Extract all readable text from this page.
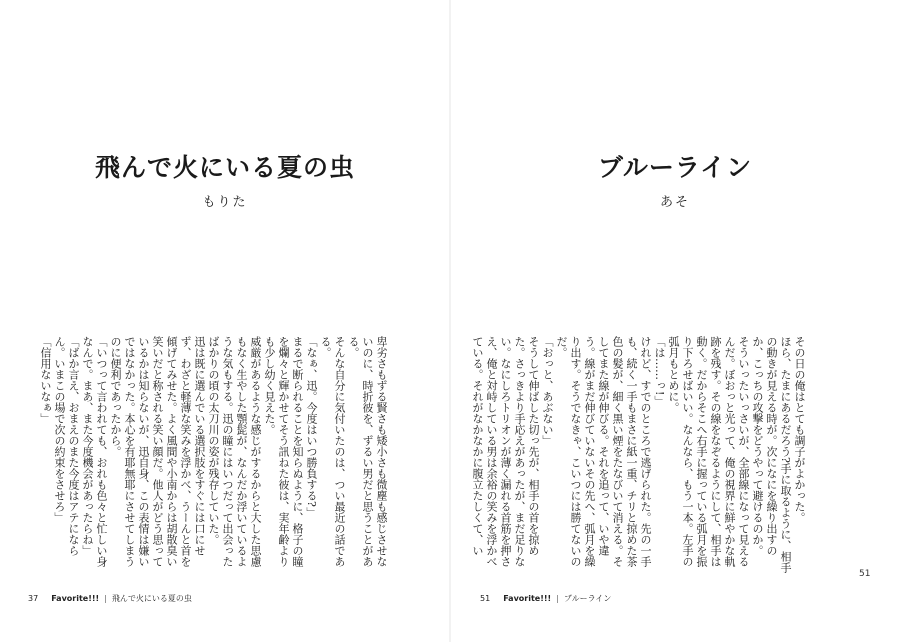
飛んで火にいる夏の虫
もりた

卑劣さもずる賢さも矮小さも微塵も感じさせないのに、時折彼を、ずるい男だと思うことがある。

そんな自分に気付いたのは、つい最近の話である。

「なぁ、迅。今度はいつ勝負する?」

まるで断られることを知らぬように、格子の瞳を爛々と輝かせてそう訊ねた彼は、実年齢よりも少し幼く見えた。

威厳があるような感じがするからと大した思慮もなく生やした顎髭が、なんだか浮いているような気もする。迅の瞳にはいつだって出会ったばかりの頃の太刀川の姿が残存していた。

迅は既に選んでいる選択肢をすぐには口にせず、わざと軽薄な笑みを浮かべ、うーんと首を傾げてみせた。よく風間や小南からは胡散臭い笑いだと称される笑い顔だ。他人がどう思っているかは知らないが、迅自身、この表情は嫌いではなかった。本心を有耶無耶にさせてしまうのに便利であったから。

「いつって言われても、おれも色々と忙しい身なんで。まあ、また今度機会があったらね」

「ばか言え、おまえのまた今度はアテにならん。いまこの場で次の約束をさせろ」

「信用ないなぁ」

37 Favorite!!! | 飛んで火にいる夏の虫
ブルーライン
あそ

その日の俺はとても調子がよかった。

ほら、たまにあるだろう?手に取るように、相手の動きが見える時が。次になにを繰り出すのか、こっちの攻撃をどうやって避けるのか。

そういったいっさいが、全部線になって見えるんだ。ぼおっと光って、俺の視界に鮮やかな軌跡を残す。その線をなぞるようにして、相手は動く。だからそこへ右手に握っている弧月を振り下ろせばいい。なんなら、もう一本。左手の弧月もとめに。

「は……っ!」

けれど、すでのところで逃げられた。先の一手も、続く一手もまさに紙一重、チリと掠めた茶色の髪が、細く黒い煙をたなびいて消える。そしてまた線が伸びる。それを追って、いや違う。線がまだ伸びていないその先へ、弧月を繰り出す。そうでなきゃ、こいつには勝てないのだ。

「おっと、あぶない」

そうして伸ばした切っ先が、相手の首を掠めた。さっきより手応えがあったが、まだ足りない。なにしろトリオンが薄く漏れる首筋を押さえ、俺と対峙している男は余裕の笑みを浮かべている。それがなかなかに腹立たしくて、い

51
51 Favorite!!! | ブルーライン
